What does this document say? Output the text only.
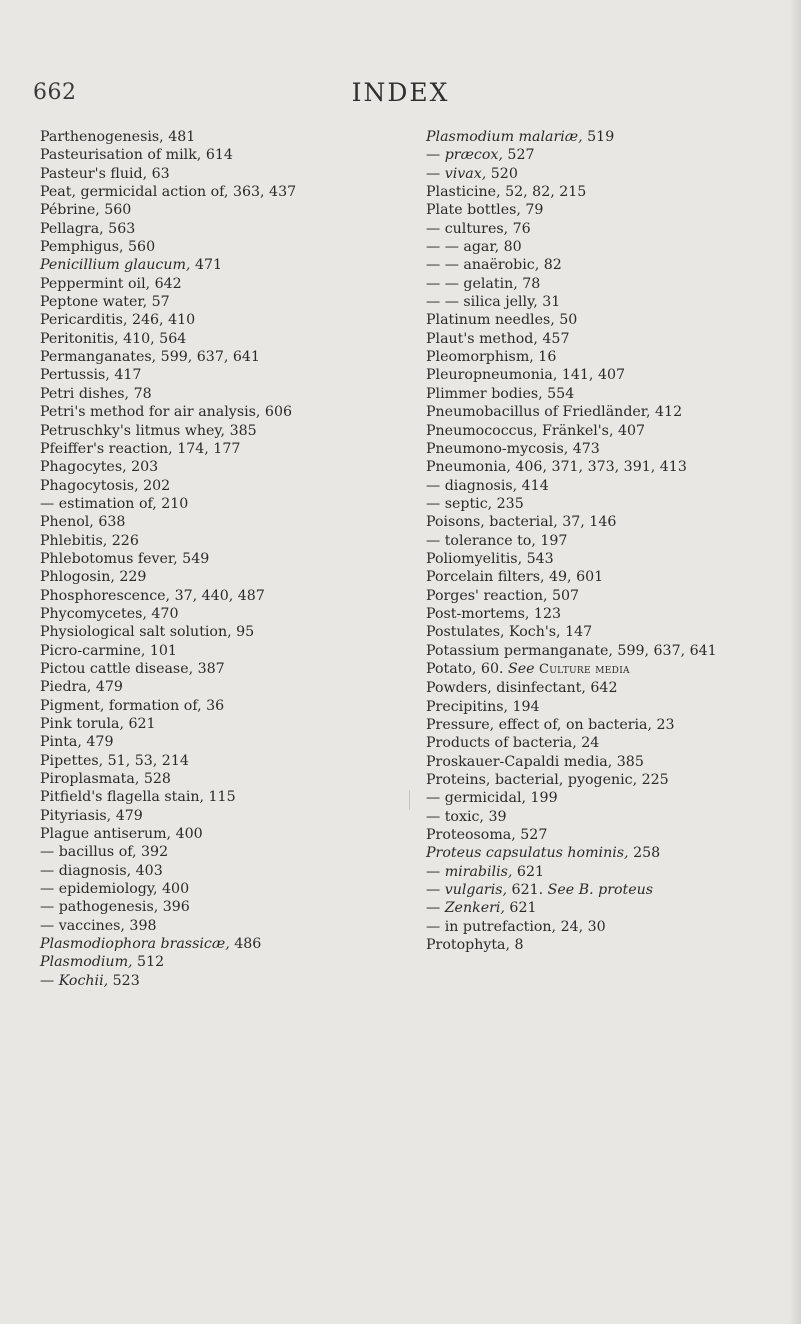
662	INDEX
Parthenogenesis, 481
Pasteurisation of milk, 614
Pasteur's fluid, 63
Peat, germicidal action of, 363, 437
Pébrine, 560
Pellagra, 563
Pemphigus, 560
Penicillium glaucum, 471
Peppermint oil, 642
Peptone water, 57
Pericarditis, 246, 410
Peritonitis, 410, 564
Permanganates, 599, 637, 641
Pertussis, 417
Petri dishes, 78
Petri's method for air analysis, 606
Petruschky's litmus whey, 385
Pfeiffer's reaction, 174, 177
Phagocytes, 203
Phagocytosis, 202
— estimation of, 210
Phenol, 638
Phlebitis, 226
Phlebotomus fever, 549
Phlogosin, 229
Phosphorescence, 37, 440, 487
Phycomycetes, 470
Physiological salt solution, 95
Picro-carmine, 101
Pictou cattle disease, 387
Piedra, 479
Pigment, formation of, 36
Pink torula, 621
Pinta, 479
Pipettes, 51, 53, 214
Piroplasmata, 528
Pitfield's flagella stain, 115
Pityriasis, 479
Plague antiserum, 400
— bacillus of, 392
— diagnosis, 403
— epidemiology, 400
— pathogenesis, 396
— vaccines, 398
Plasmodiophora brassicæ, 486
Plasmodium, 512
— Kochii, 523
Plasmodium malariæ, 519
— præcox, 527
— vivax, 520
Plasticine, 52, 82, 215
Plate bottles, 79
— cultures, 76
— — agar, 80
— — anaërobic, 82
— — gelatin, 78
— — silica jelly, 31
Platinum needles, 50
Plaut's method, 457
Pleomorphism, 16
Pleuropneumonia, 141, 407
Plimmer bodies, 554
Pneumobacillus of Friedländer, 412
Pneumococcus, Fränkel's, 407
Pneumono-mycosis, 473
Pneumonia, 406, 371, 373, 391, 413
— diagnosis, 414
— septic, 235
Poisons, bacterial, 37, 146
— tolerance to, 197
Poliomyelitis, 543
Porcelain filters, 49, 601
Porges' reaction, 507
Post-mortems, 123
Postulates, Koch's, 147
Potassium permanganate, 599, 637, 641
Potato, 60. See Culture media
Powders, disinfectant, 642
Precipitins, 194
Pressure, effect of, on bacteria, 23
Products of bacteria, 24
Proskauer-Capaldi media, 385
Proteins, bacterial, pyogenic, 225
— germicidal, 199
— toxic, 39
Proteosoma, 527
Proteus capsulatus hominis, 258
— mirabilis, 621
— vulgaris, 621. See B. proteus
— Zenkeri, 621
— in putrefaction, 24, 30
Protophyta, 8
